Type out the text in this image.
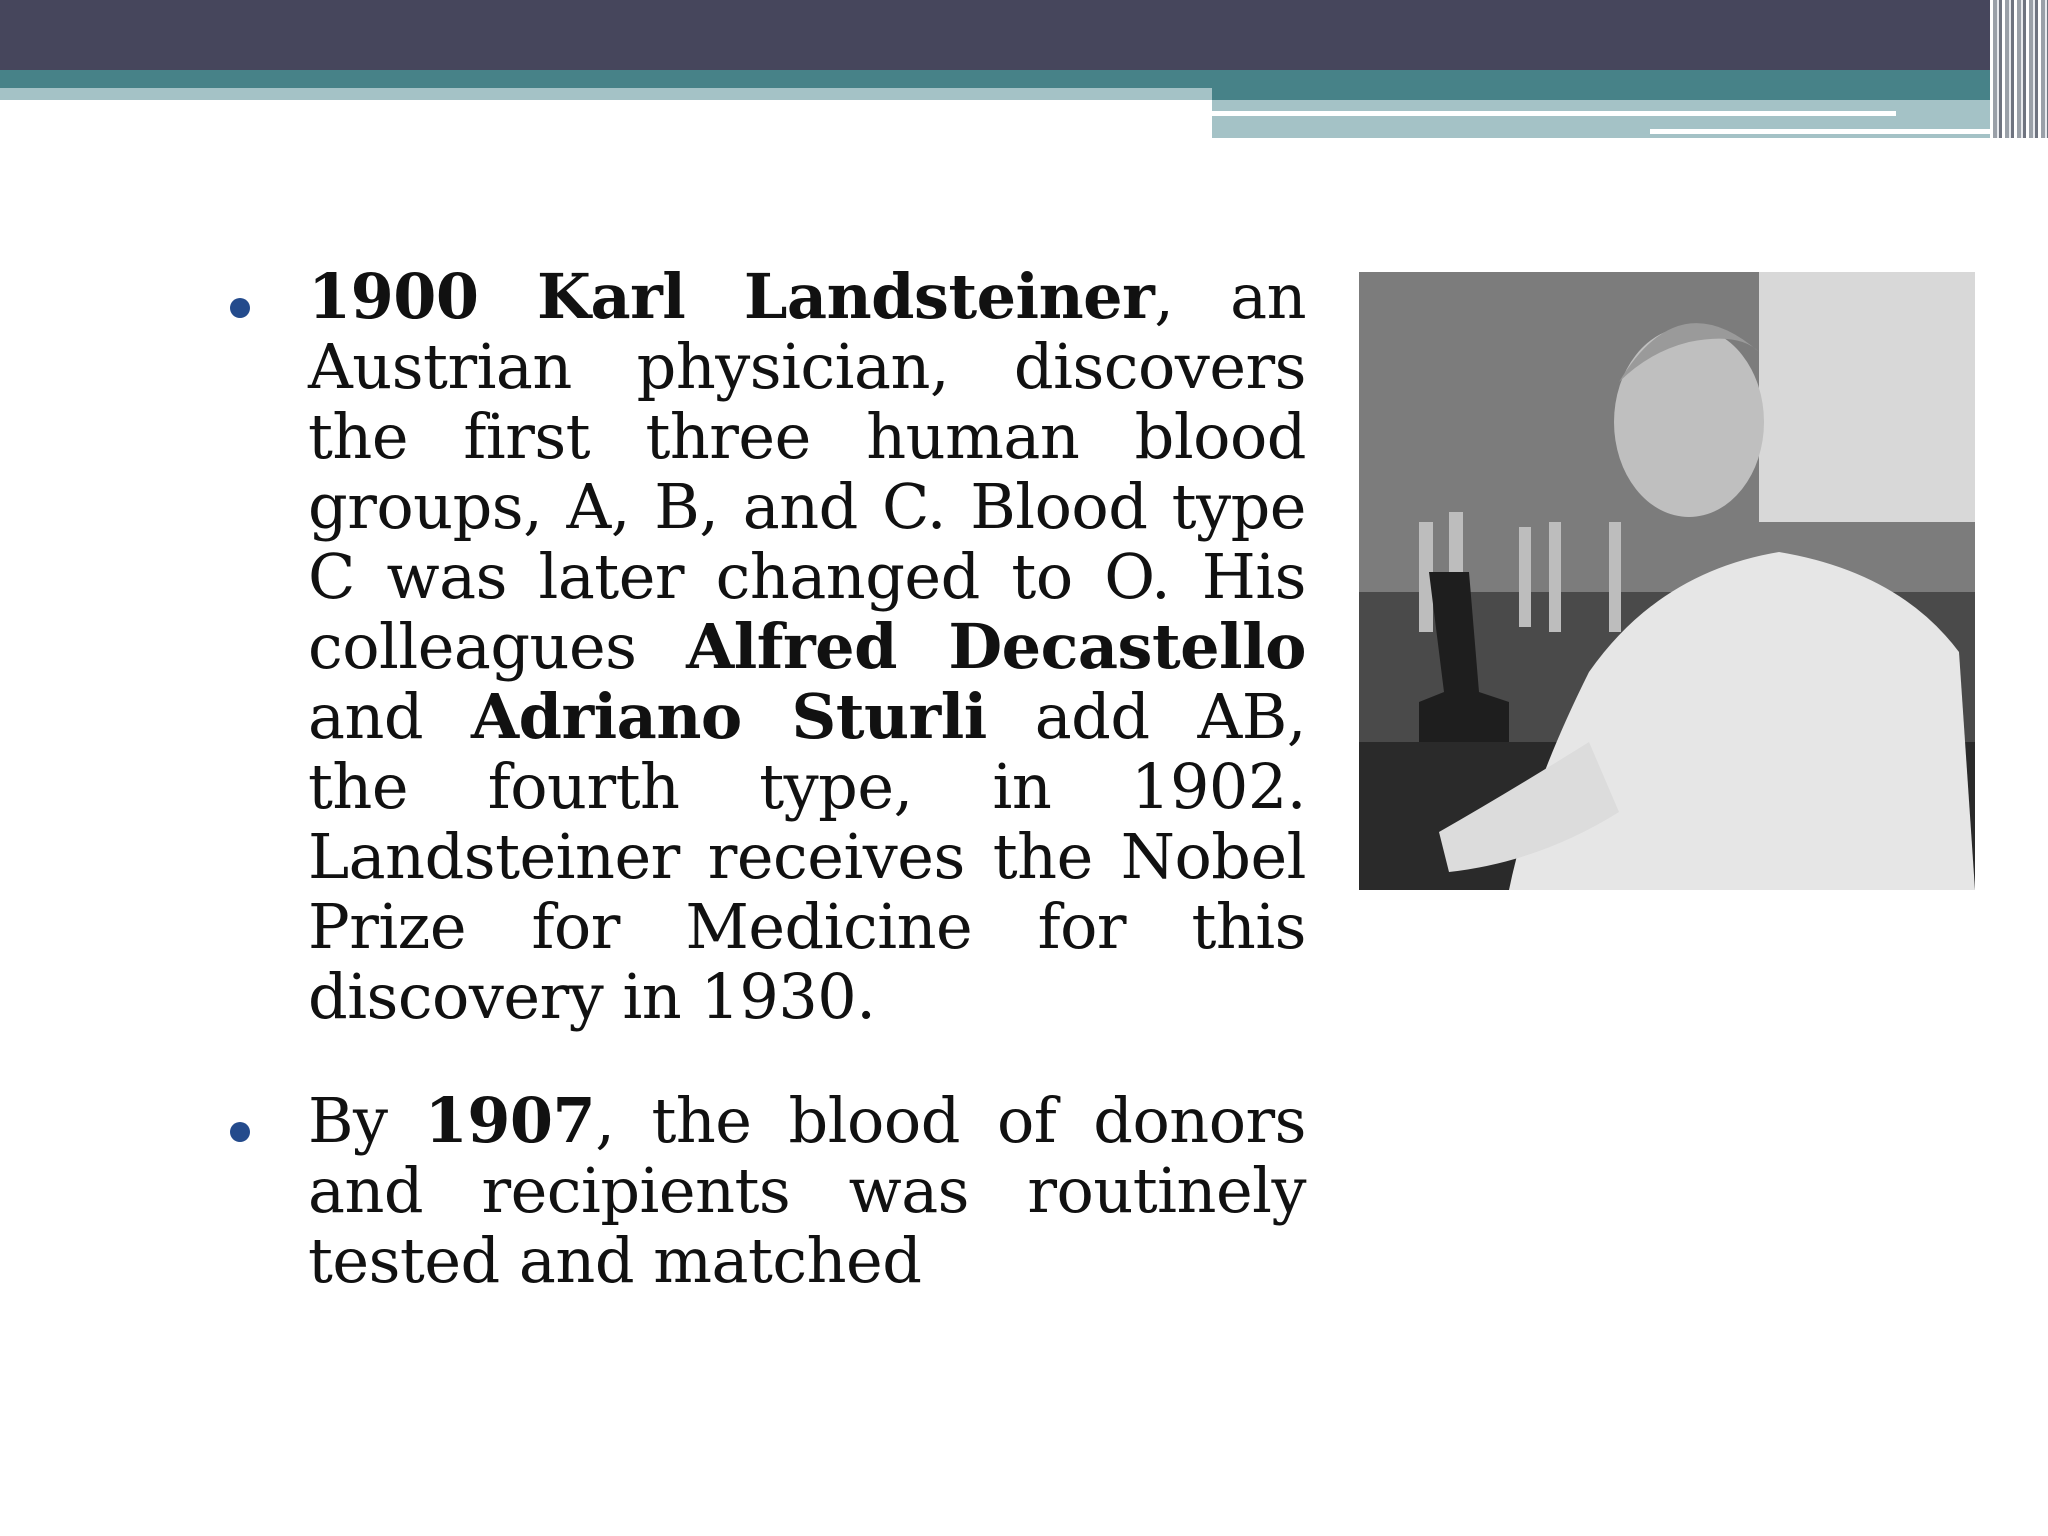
1900 Karl Landsteiner, an Austrian physician, discovers the first three human blood groups, A, B, and C. Blood type C was later changed to O. His colleagues Alfred Decastello and Adriano Sturli add AB, the fourth type, in 1902. Landsteiner receives the Nobel Prize for Medicine for this discovery in 1930.

By 1907, the blood of donors and recipients was routinely tested and matched
